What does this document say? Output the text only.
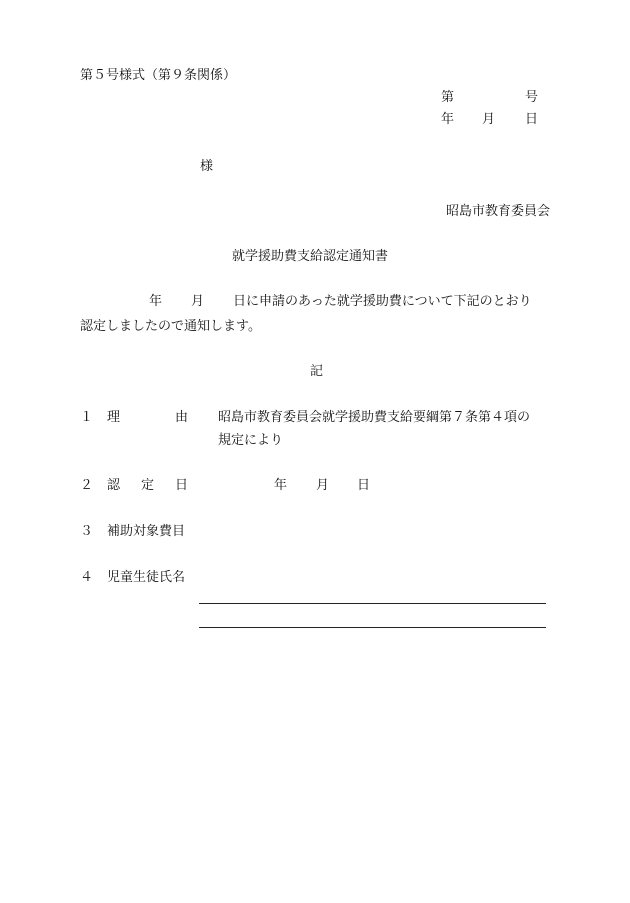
第５号様式（第９条関係）
第	号
年 月 日
様
昭島市教育委員会
就学援助費支給認定通知書
年 月 日に申請のあった就学援助費について下記のとおり
認定しましたので通知します。
記
１ 理	由 昭島市教育委員会就学援助費支給要綱第７条第４項の
規定により
２ 認 定 日	年 月 日
３ 補助対象費目
４ 児童生徒氏名
